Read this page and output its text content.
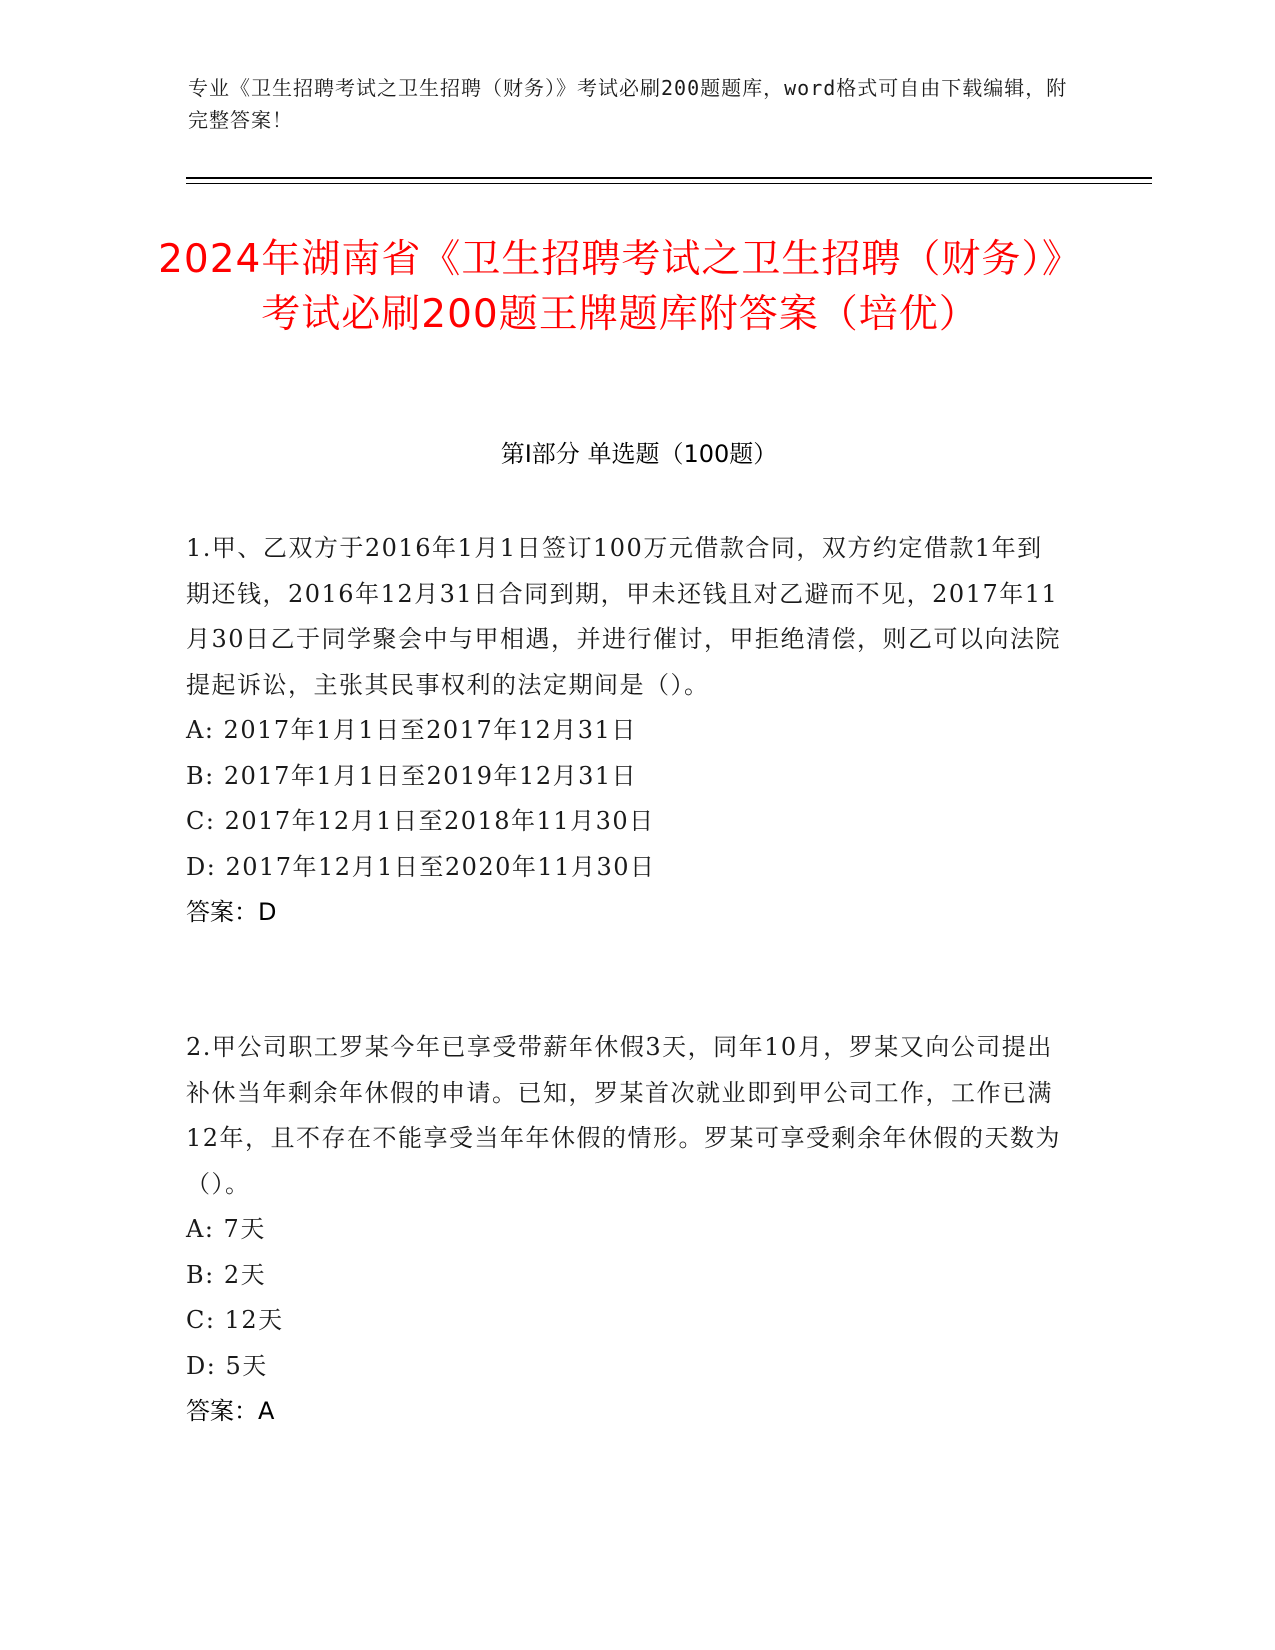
专业《卫生招聘考试之卫生招聘（财务）》考试必刷200题题库，word格式可自由下载编辑，附完整答案！
2024年湖南省《卫生招聘考试之卫生招聘（财务）》考试必刷200题王牌题库附答案（培优）
第I部分 单选题（100题）

1.甲、乙双方于2016年1月1日签订100万元借款合同，双方约定借款1年到期还钱，2016年12月31日合同到期，甲未还钱且对乙避而不见，2017年11月30日乙于同学聚会中与甲相遇，并进行催讨，甲拒绝清偿，则乙可以向法院提起诉讼，主张其民事权利的法定期间是（）。

A: 2017年1月1日至2017年12月31日

B: 2017年1月1日至2019年12月31日

C: 2017年12月1日至2018年11月30日

D: 2017年12月1日至2020年11月30日

答案：D

2.甲公司职工罗某今年已享受带薪年休假3天，同年10月，罗某又向公司提出补休当年剩余年休假的申请。已知，罗某首次就业即到甲公司工作，工作已满12年，且不存在不能享受当年年休假的情形。罗某可享受剩余年休假的天数为（）。

A: 7天

B: 2天

C: 12天

D: 5天

答案：A
